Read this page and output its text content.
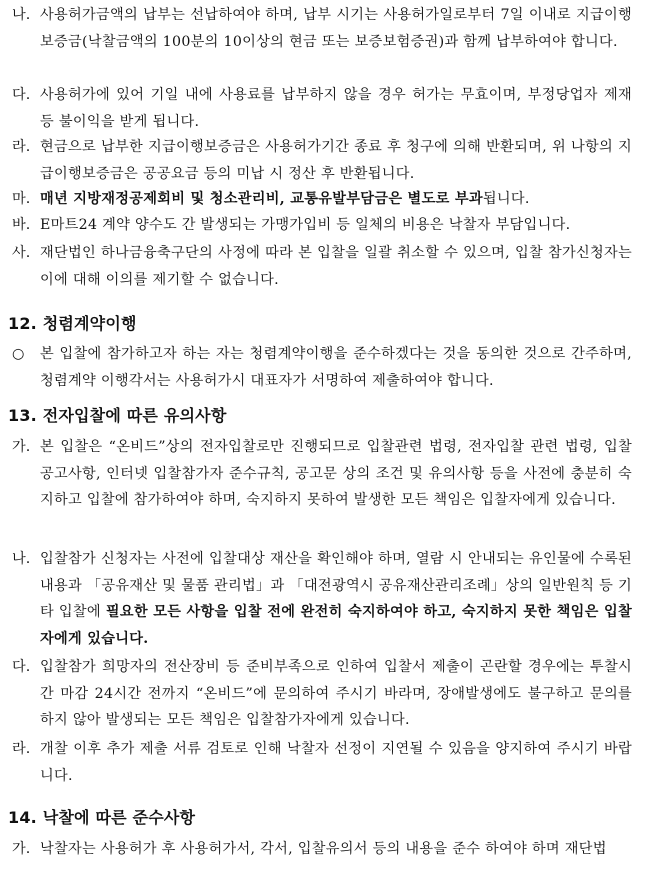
나. 사용허가금액의 납부는 선납하여야 하며, 납부 시기는 사용허가일로부터 7일 이내로 지급이행보증금(낙찰금액의 100분의 10이상의 현금 또는 보증보험증권)과 함께 납부하여야 합니다.
다. 사용허가에 있어 기일 내에 사용료를 납부하지 않을 경우 허가는 무효이며, 부정당업자 제재 등 불이익을 받게 됩니다.
라. 현금으로 납부한 지급이행보증금은 사용허가기간 종료 후 청구에 의해 반환되며, 위 나항의 지급이행보증금은 공공요금 등의 미납 시 정산 후 반환됩니다.
마. 매년 지방재정공제회비 및 청소관리비, 교통유발부담금은 별도로 부과됩니다.
바. E마트24 계약 양수도 간 발생되는 가맹가입비 등 일체의 비용은 낙찰자 부담입니다.
사. 재단법인 하나금융축구단의 사정에 따라 본 입찰을 일괄 취소할 수 있으며, 입찰 참가신청자는 이에 대해 이의를 제기할 수 없습니다.
12. 청렴계약이행
○ 본 입찰에 참가하고자 하는 자는 청렴계약이행을 준수하겠다는 것을 동의한 것으로 간주하며, 청렴계약 이행각서는 사용허가시 대표자가 서명하여 제출하여야 합니다.
13. 전자입찰에 따른 유의사항
가. 본 입찰은 “온비드”상의 전자입찰로만 진행되므로 입찰관련 법령, 전자입찰 관련 법령, 입찰 공고사항, 인터넷 입찰참가자 준수규칙, 공고문 상의 조건 및 유의사항 등을 사전에 충분히 숙지하고 입찰에 참가하여야 하며, 숙지하지 못하여 발생한 모든 책임은 입찰자에게 있습니다.
나. 입찰참가 신청자는 사전에 입찰대상 재산을 확인해야 하며, 열람 시 안내되는 유인물에 수록된 내용과 「공유재산 및 물품 관리법」과 「대전광역시 공유재산관리조례」상의 일반원칙 등 기타 입찰에 필요한 모든 사항을 입찰 전에 완전히 숙지하여야 하고, 숙지하지 못한 책임은 입찰자에게 있습니다.
다. 입찰참가 희망자의 전산장비 등 준비부족으로 인하여 입찰서 제출이 곤란할 경우에는 투찰시간 마감 24시간 전까지 “온비드”에 문의하여 주시기 바라며, 장애발생에도 불구하고 문의를 하지 않아 발생되는 모든 책임은 입찰참가자에게 있습니다.
라. 개찰 이후 추가 제출 서류 검토로 인해 낙찰자 선정이 지연될 수 있음을 양지하여 주시기 바랍니다.
14. 낙찰에 따른 준수사항
가. 낙찰자는 사용허가 후 사용허가서, 각서, 입찰유의서 등의 내용을 준수 하여야 하며 재단법
